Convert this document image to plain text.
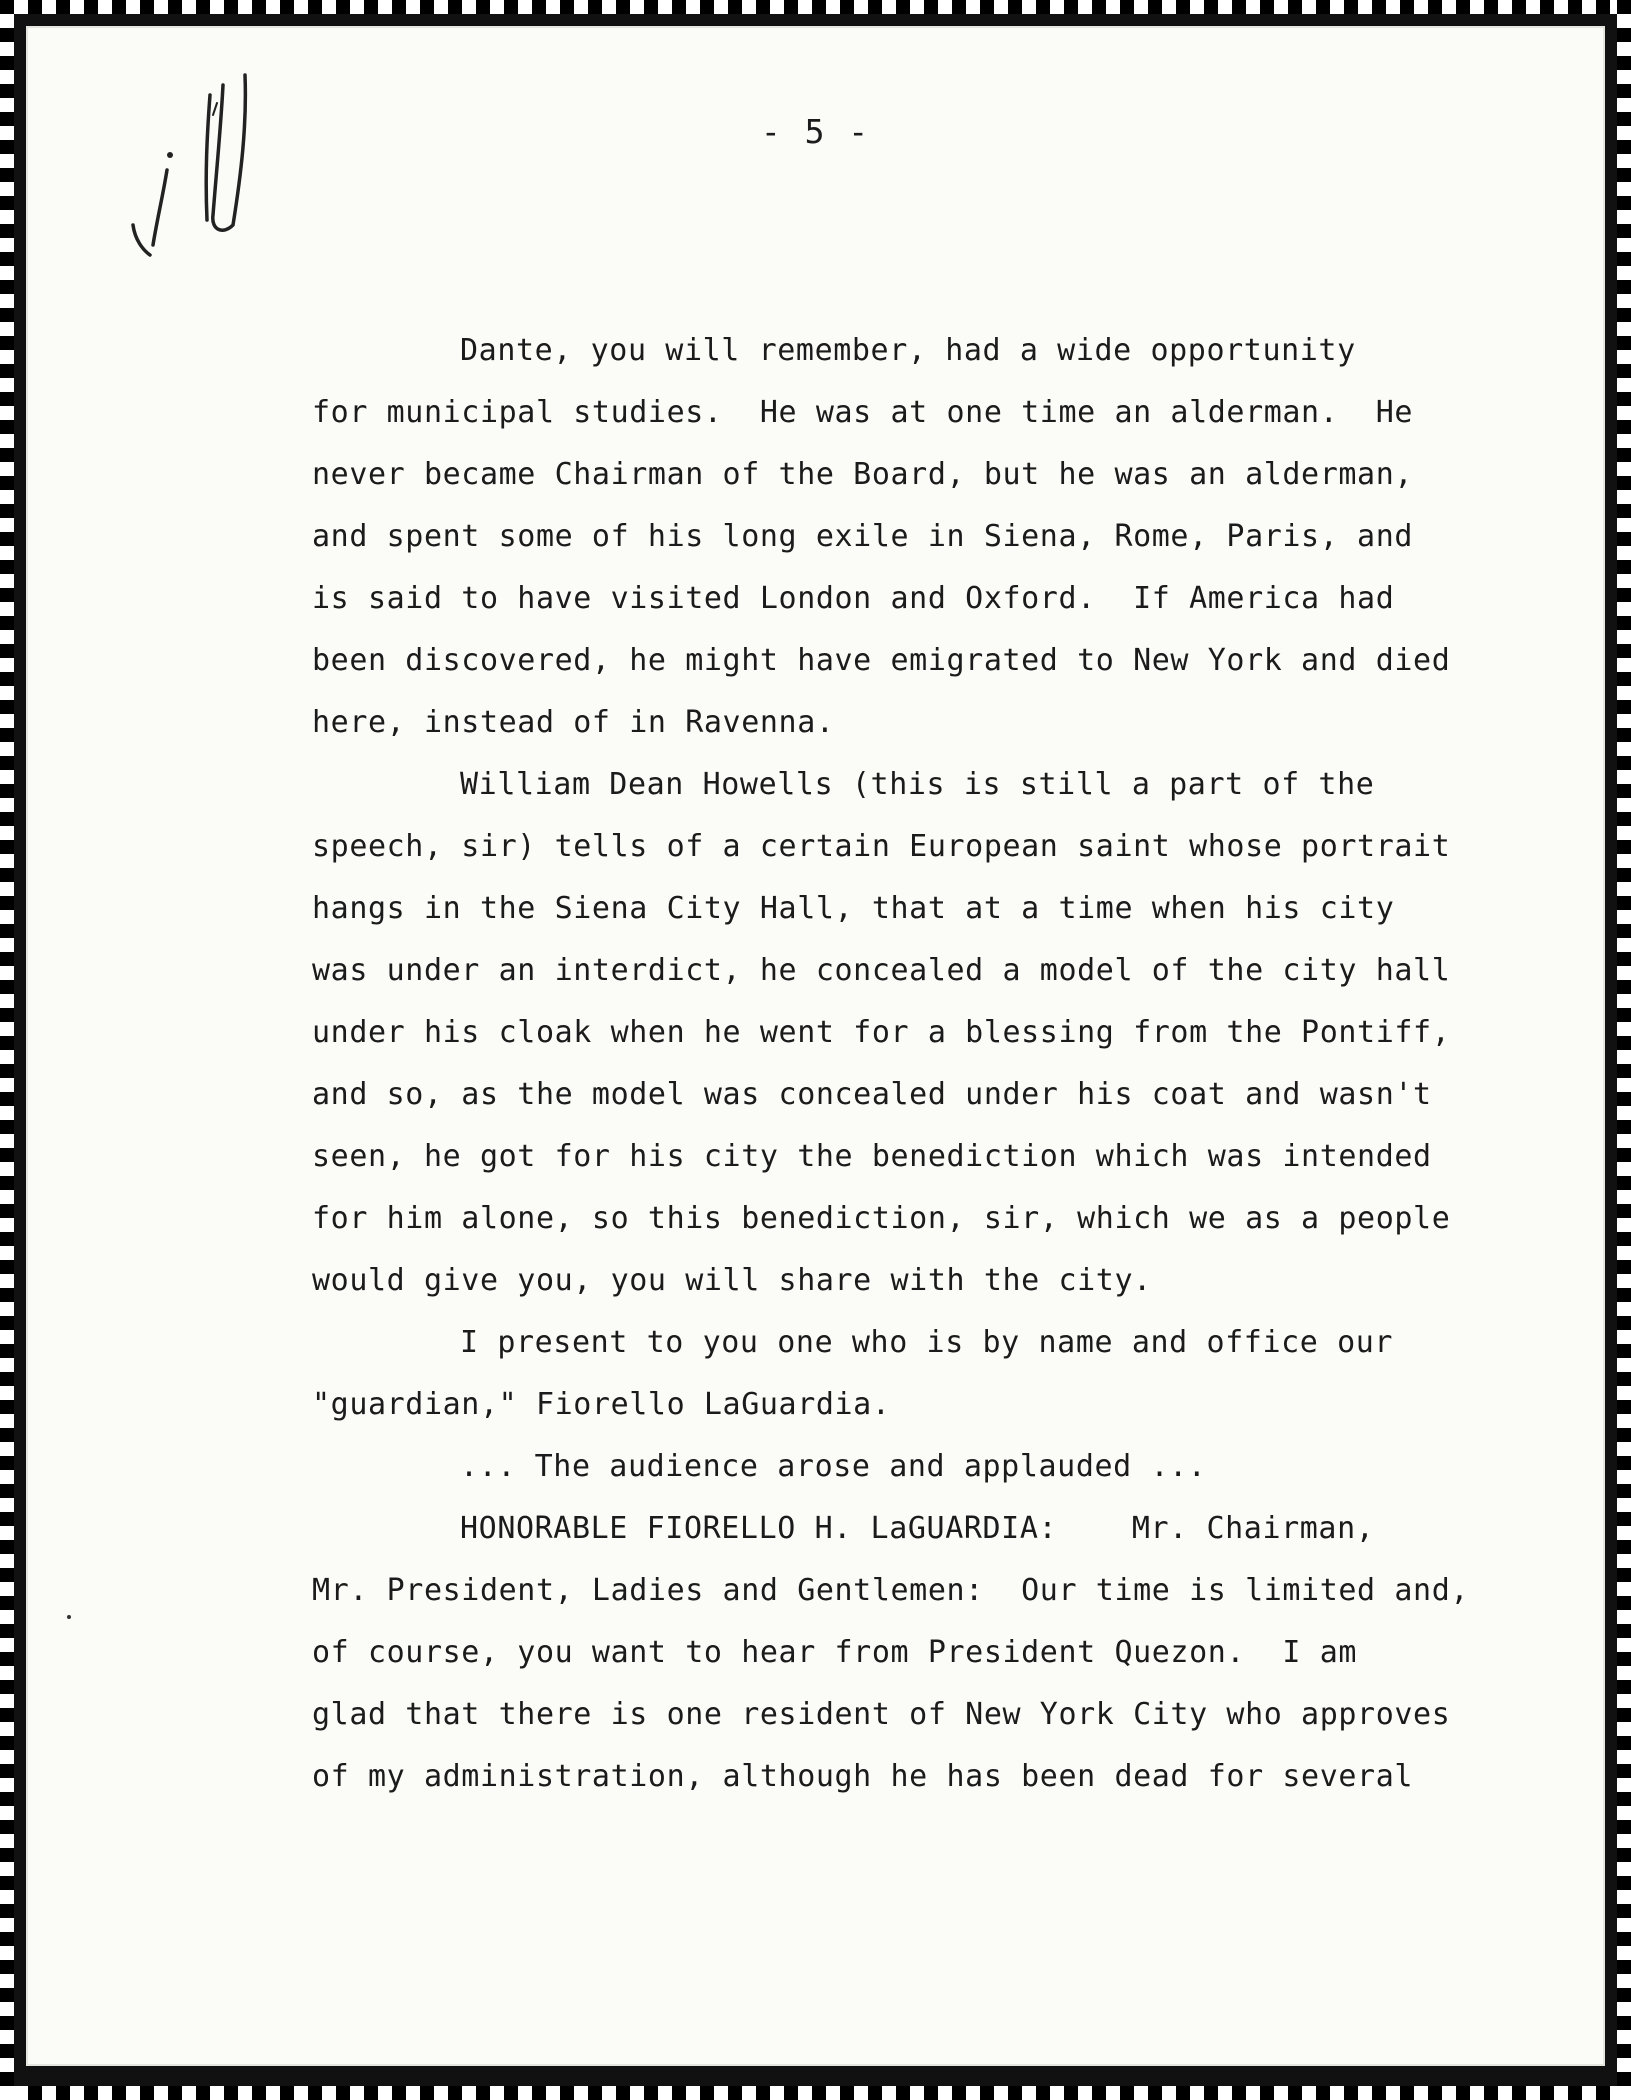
- 5 -
Dante, you will remember, had a wide opportunity
for municipal studies.  He was at one time an alderman.  He
never became Chairman of the Board, but he was an alderman,
and spent some of his long exile in Siena, Rome, Paris, and
is said to have visited London and Oxford.  If America had
been discovered, he might have emigrated to New York and died
here, instead of in Ravenna.
William Dean Howells (this is still a part of the
speech, sir) tells of a certain European saint whose portrait
hangs in the Siena City Hall, that at a time when his city
was under an interdict, he concealed a model of the city hall
under his cloak when he went for a blessing from the Pontiff,
and so, as the model was concealed under his coat and wasn't
seen, he got for his city the benediction which was intended
for him alone, so this benediction, sir, which we as a people
would give you, you will share with the city.
I present to you one who is by name and office our
"guardian," Fiorello LaGuardia.
... The audience arose and applauded ...
HONORABLE FIORELLO H. LaGUARDIA:    Mr. Chairman,
Mr. President, Ladies and Gentlemen:  Our time is limited and,
of course, you want to hear from President Quezon.  I am
glad that there is one resident of New York City who approves
of my administration, although he has been dead for several
